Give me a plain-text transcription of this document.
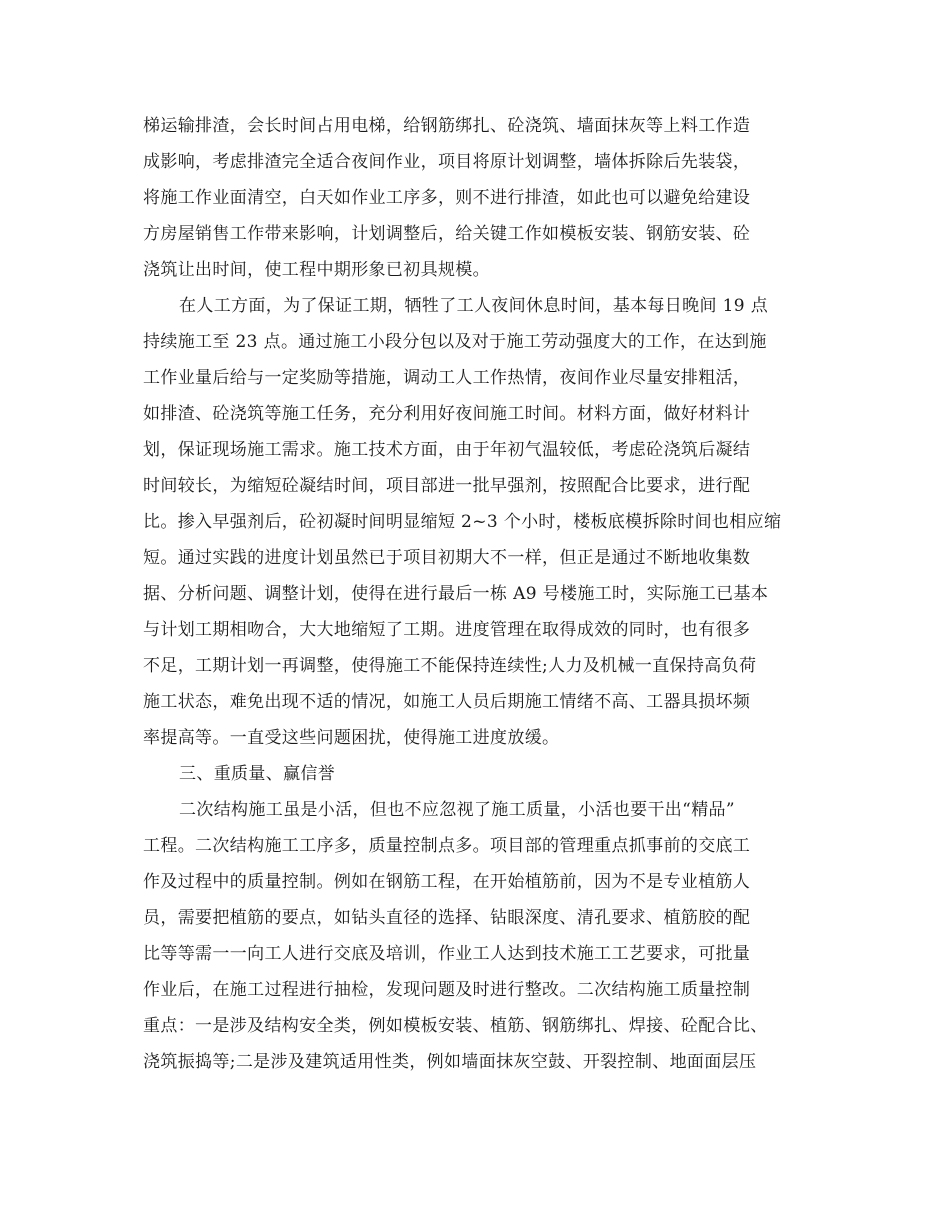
梯运输排渣，会长时间占用电梯，给钢筋绑扎、砼浇筑、墙面抹灰等上料工作造
成影响，考虑排渣完全适合夜间作业，项目将原计划调整，墙体拆除后先装袋，
将施工作业面清空，白天如作业工序多，则不进行排渣，如此也可以避免给建设
方房屋销售工作带来影响，计划调整后，给关键工作如模板安装、钢筋安装、砼
浇筑让出时间，使工程中期形象已初具规模。
在人工方面，为了保证工期，牺牲了工人夜间休息时间，基本每日晚间 19 点
持续施工至 23 点。通过施工小段分包以及对于施工劳动强度大的工作，在达到施
工作业量后给与一定奖励等措施，调动工人工作热情，夜间作业尽量安排粗活，
如排渣、砼浇筑等施工任务，充分利用好夜间施工时间。材料方面，做好材料计
划，保证现场施工需求。施工技术方面，由于年初气温较低，考虑砼浇筑后凝结
时间较长，为缩短砼凝结时间，项目部进一批早强剂，按照配合比要求，进行配
比。掺入早强剂后，砼初凝时间明显缩短 2~3 个小时，楼板底模拆除时间也相应缩
短。通过实践的进度计划虽然已于项目初期大不一样，但正是通过不断地收集数
据、分析问题、调整计划，使得在进行最后一栋 A9 号楼施工时，实际施工已基本
与计划工期相吻合，大大地缩短了工期。进度管理在取得成效的同时，也有很多
不足，工期计划一再调整，使得施工不能保持连续性;人力及机械一直保持高负荷
施工状态，难免出现不适的情况，如施工人员后期施工情绪不高、工器具损坏频
率提高等。一直受这些问题困扰，使得施工进度放缓。
三、重质量、赢信誉
二次结构施工虽是小活，但也不应忽视了施工质量，小活也要干出“精品”
工程。二次结构施工工序多，质量控制点多。项目部的管理重点抓事前的交底工
作及过程中的质量控制。例如在钢筋工程，在开始植筋前，因为不是专业植筋人
员，需要把植筋的要点，如钻头直径的选择、钻眼深度、清孔要求、植筋胶的配
比等等需一一向工人进行交底及培训，作业工人达到技术施工工艺要求，可批量
作业后，在施工过程进行抽检，发现问题及时进行整改。二次结构施工质量控制
重点：一是涉及结构安全类，例如模板安装、植筋、钢筋绑扎、焊接、砼配合比、
浇筑振捣等;二是涉及建筑适用性类，例如墙面抹灰空鼓、开裂控制、地面面层压
